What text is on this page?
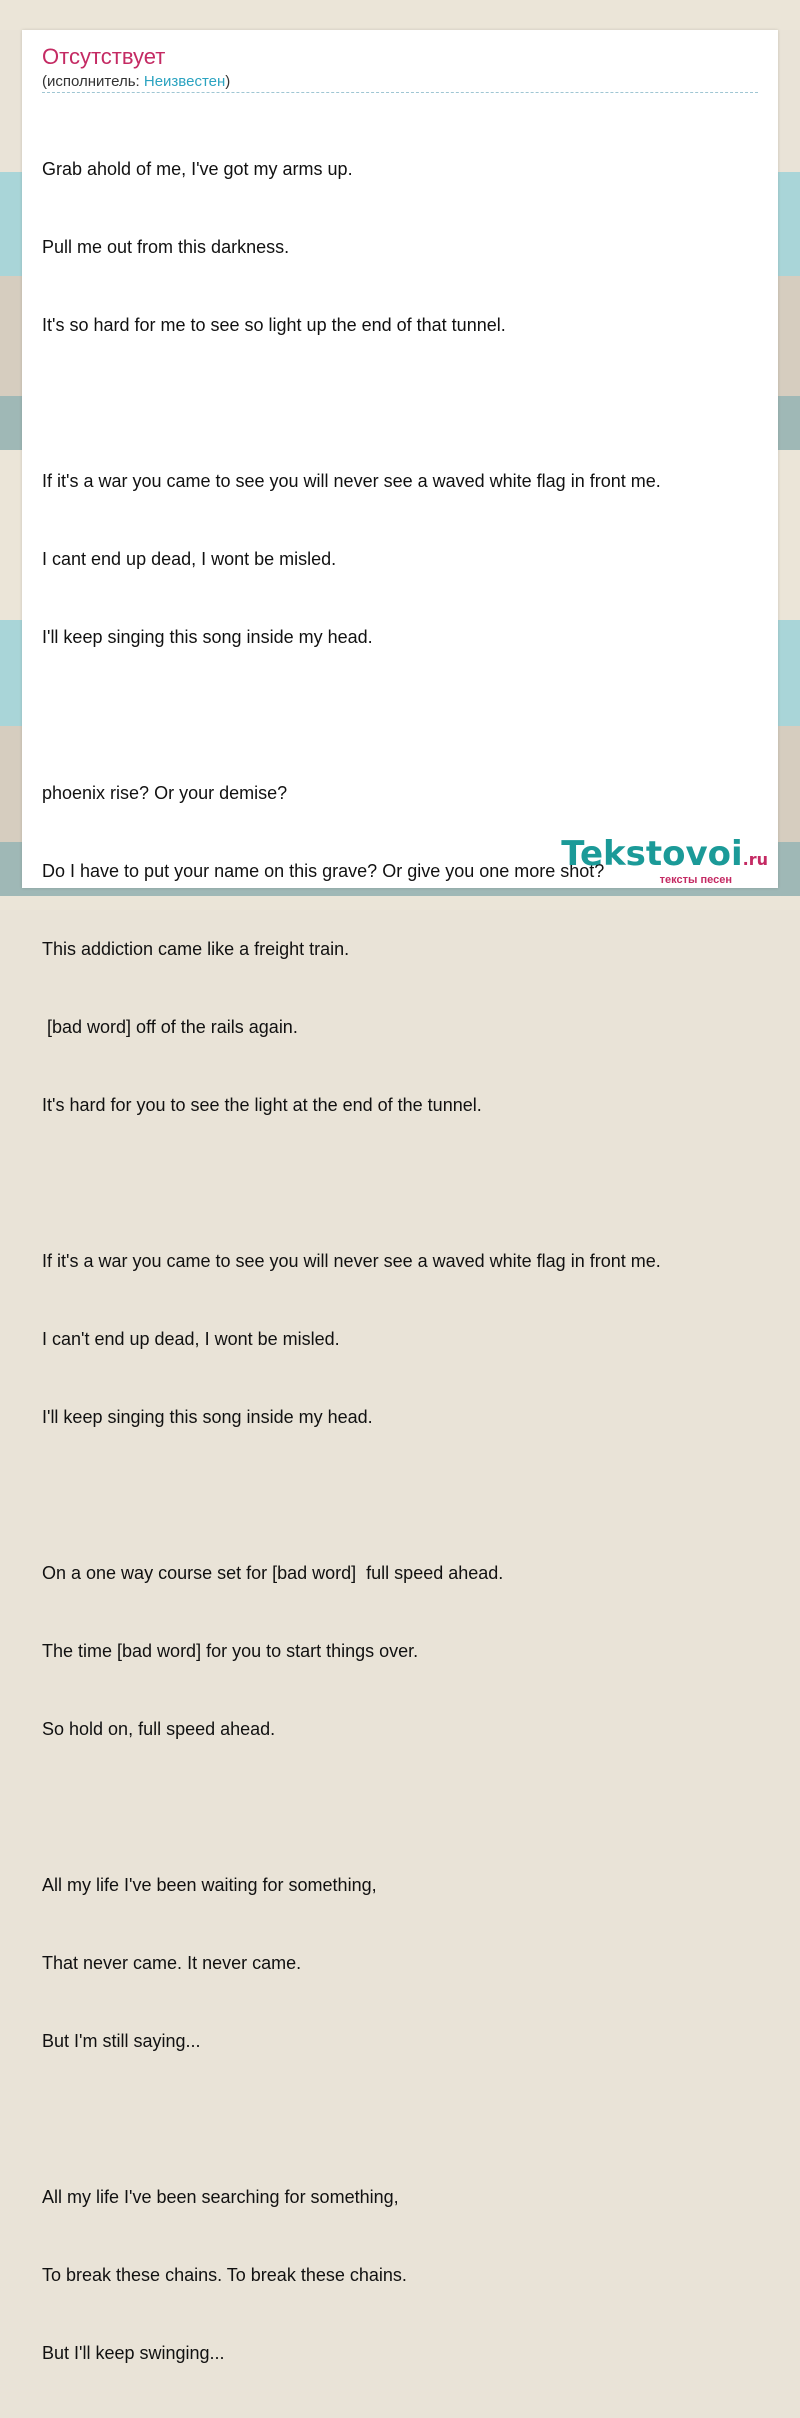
Отсутствует
(исполнитель: Неизвестен)

Grab ahold of me, I've got my arms up.

Pull me out from this darkness.

It's so hard for me to see so light up the end of that tunnel.

If it's a war you came to see you will never see a waved white flag in front me.

I cant end up dead, I wont be misled.

I'll keep singing this song inside my head.

phoenix rise? Or your demise?

Do I have to put your name on this grave? Or give you one more shot?

This addiction came like a freight train.

[bad word] off of the rails again.

It's hard for you to see the light at the end of the tunnel.

If it's a war you came to see you will never see a waved white flag in front me.

I can't end up dead, I wont be misled.

I'll keep singing this song inside my head.

On a one way course set for [bad word]  full speed ahead.

The time [bad word] for you to start things over.

So hold on, full speed ahead.

All my life I've been waiting for something,

That never came. It never came.

But I'm still saying...

All my life I've been searching for something,

To break these chains. To break these chains.

But I'll keep swinging...

Tekstovoi.ru
тексты песен
